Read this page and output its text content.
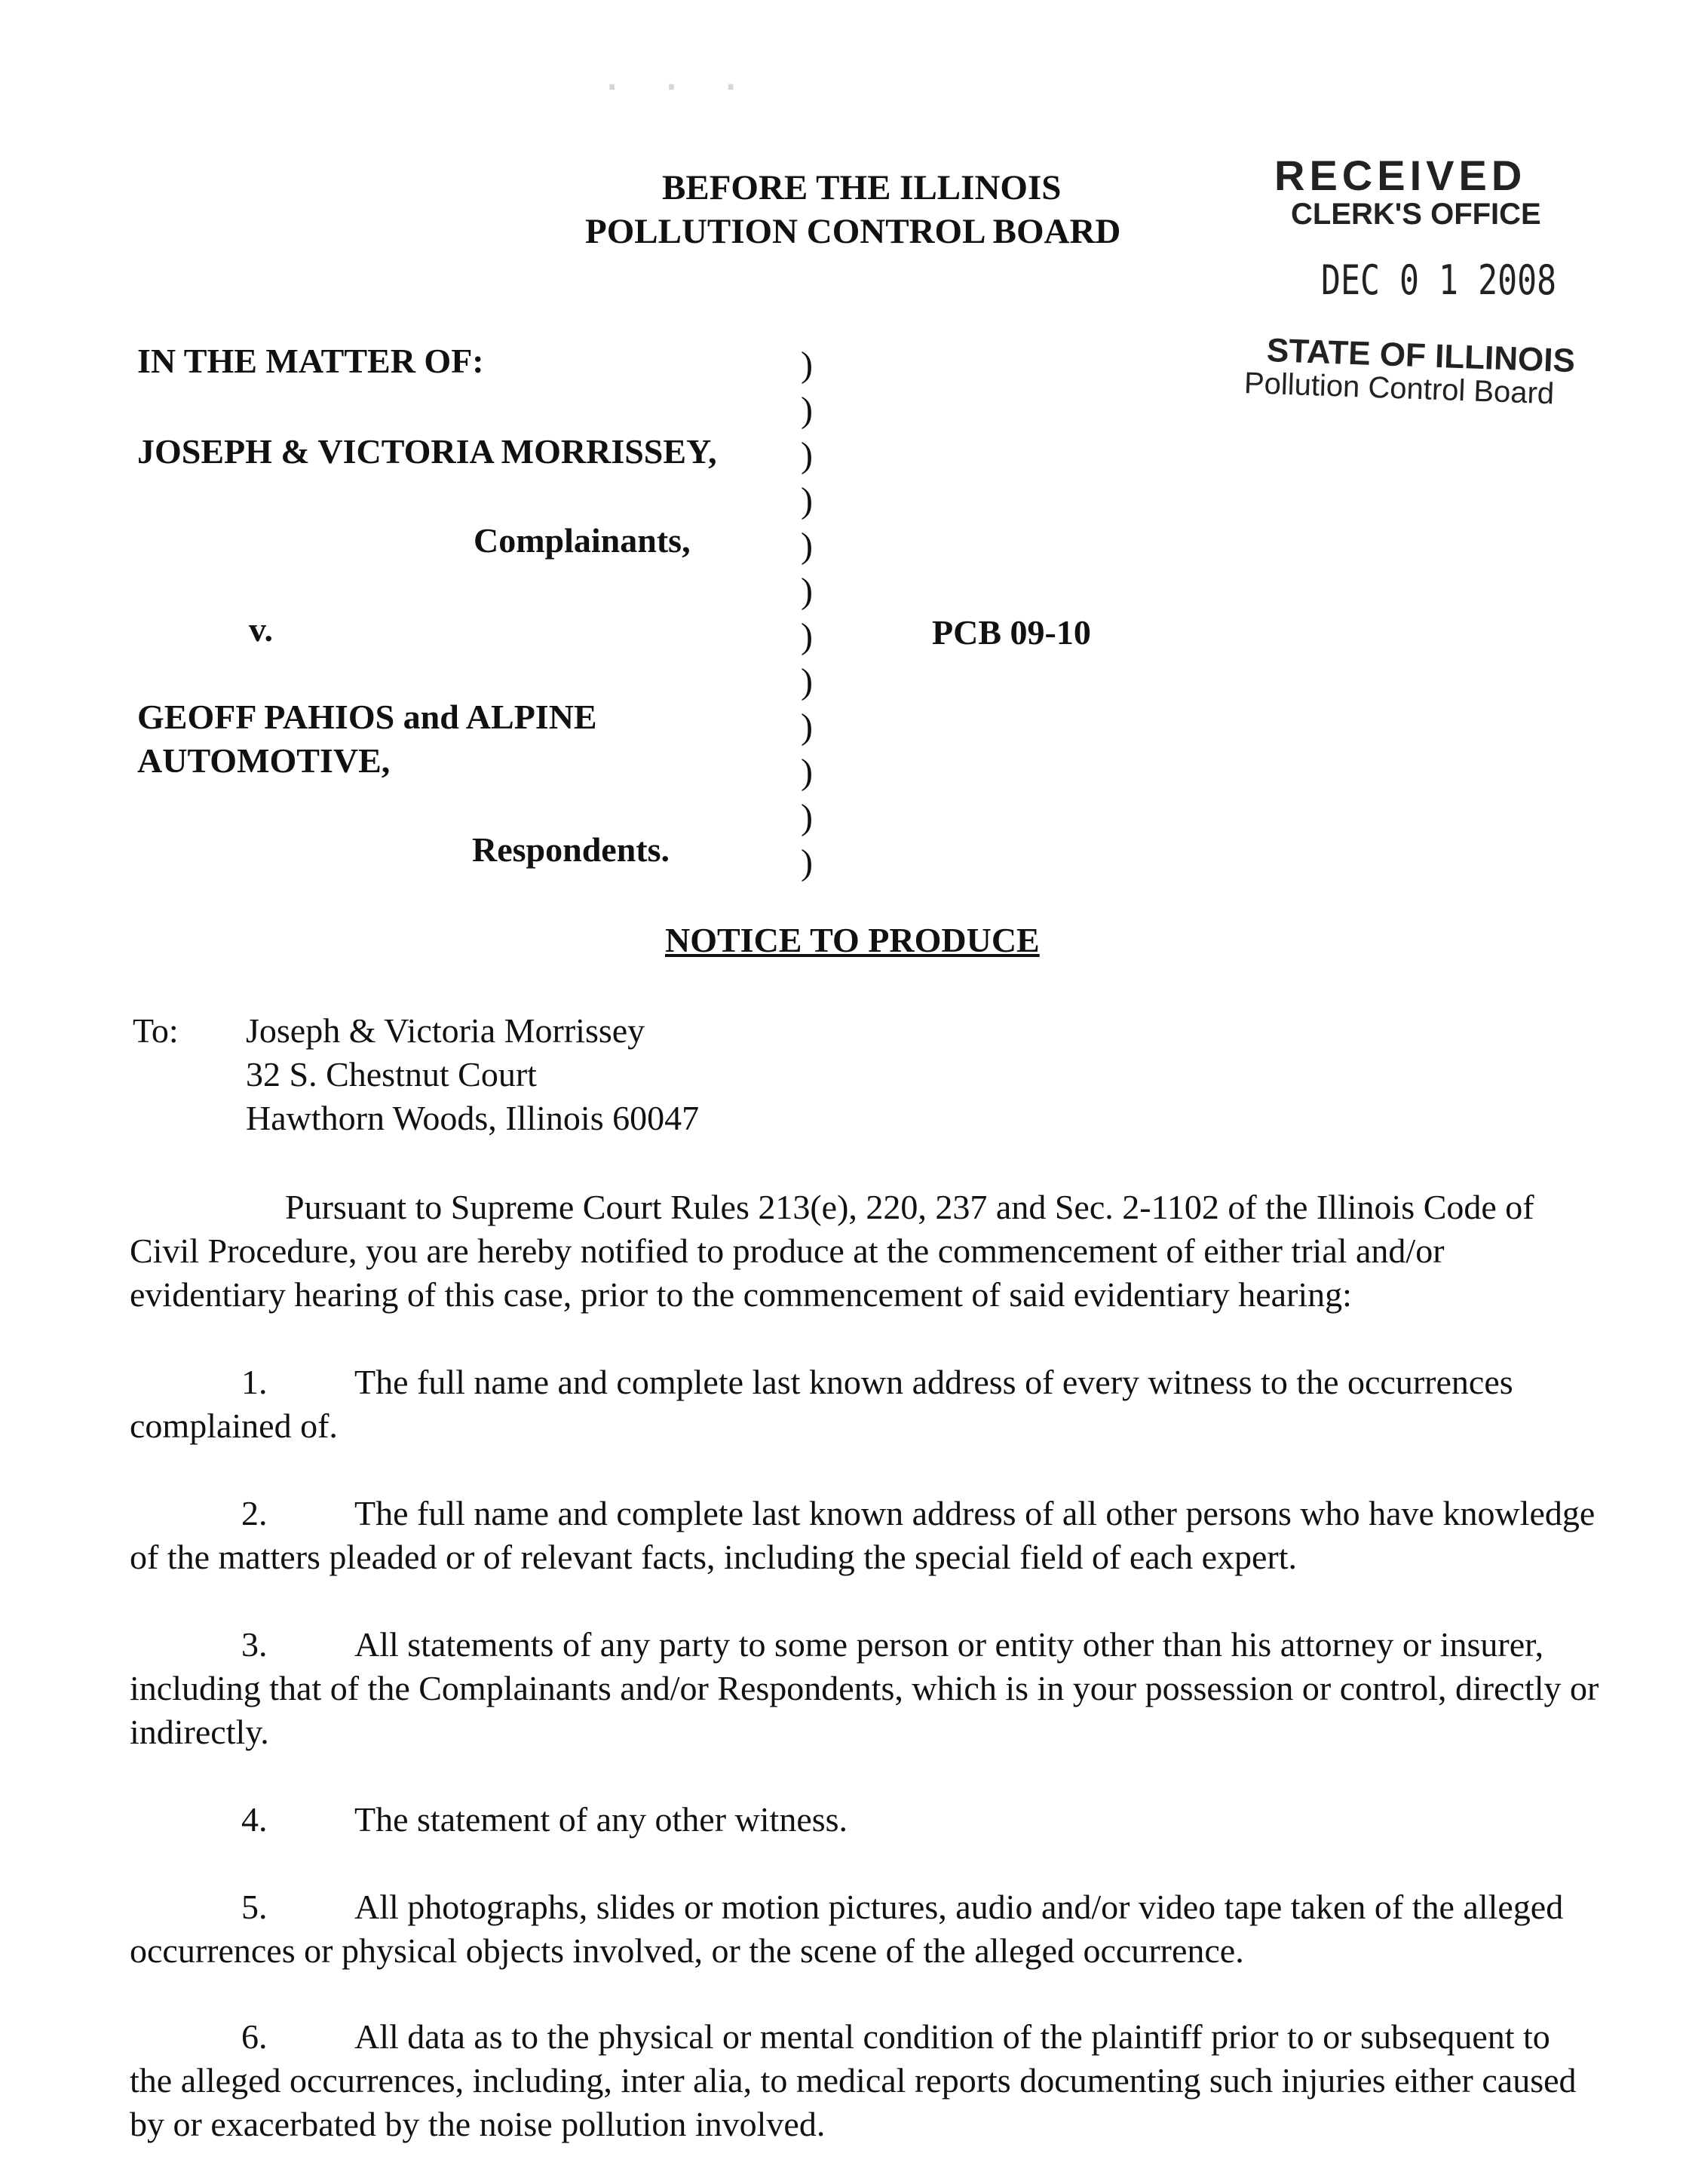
· · ·
BEFORE THE ILLINOIS
POLLUTION CONTROL BOARD
RECEIVED
CLERK'S OFFICE
DEC 0 1 2008
STATE OF ILLINOIS
Pollution Control Board
IN THE MATTER OF:
JOSEPH & VICTORIA MORRISSEY,
Complainants,
v.
GEOFF PAHIOS and ALPINE
AUTOMOTIVE,
Respondents.
)
)
)
)
)
)
)
)
)
)
)
)
PCB 09-10
NOTICE TO PRODUCE
To: Joseph & Victoria Morrissey
32 S. Chestnut Court
Hawthorn Woods, Illinois 60047
Pursuant to Supreme Court Rules 213(e), 220, 237 and Sec. 2-1102 of the Illinois Code of Civil Procedure, you are hereby notified to produce at the commencement of either trial and/or evidentiary hearing of this case, prior to the commencement of said evidentiary hearing:
1.	The full name and complete last known address of every witness to the occurrences complained of.
2.	The full name and complete last known address of all other persons who have knowledge of the matters pleaded or of relevant facts, including the special field of each expert.
3.	All statements of any party to some person or entity other than his attorney or insurer, including that of the Complainants and/or Respondents, which is in your possession or control, directly or indirectly.
4.	The statement of any other witness.
5.	All photographs, slides or motion pictures, audio and/or video tape taken of the alleged occurrences or physical objects involved, or the scene of the alleged occurrence.
6.	All data as to the physical or mental condition of the plaintiff prior to or subsequent to the alleged occurrences, including, inter alia, to medical reports documenting such injuries either caused by or exacerbated by the noise pollution involved.
